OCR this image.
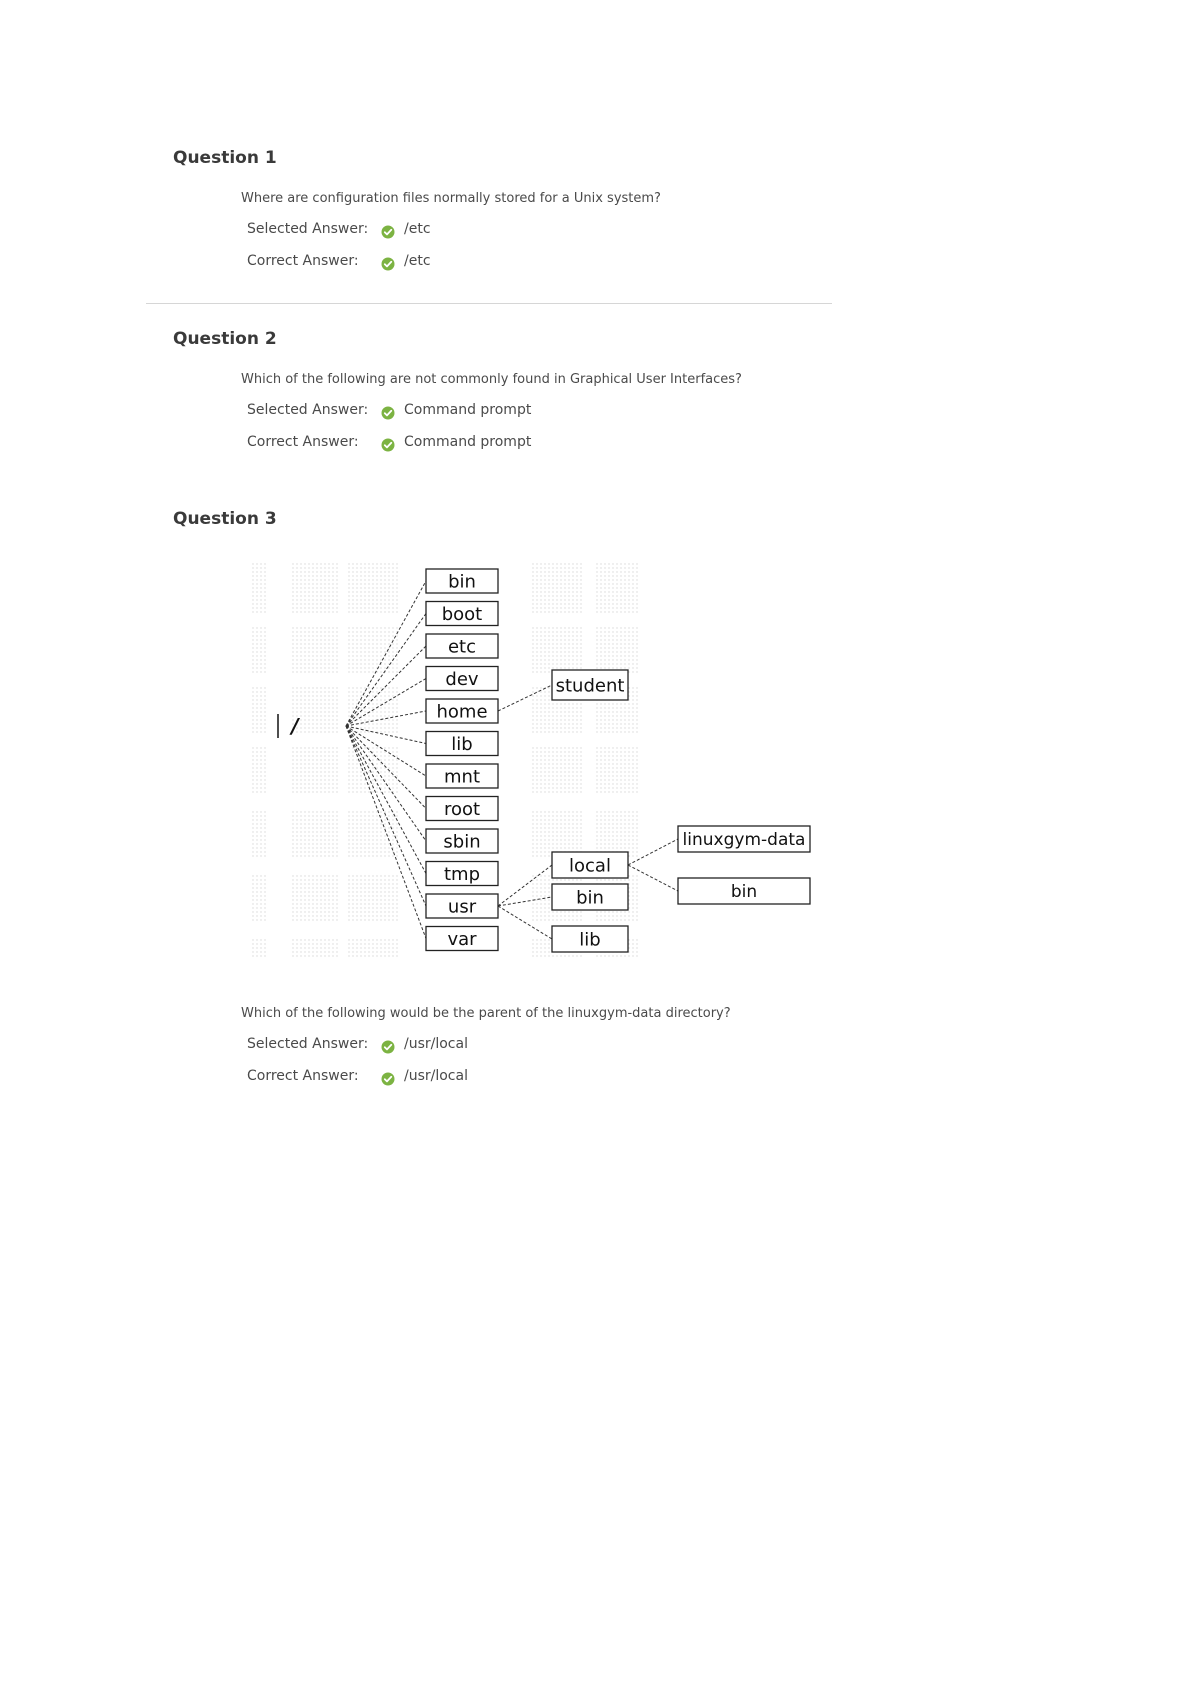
Question 1
Where are configuration files normally stored for a Unix system?
Selected Answer:	/etc
Correct Answer:	/etc
Question 2
Which of the following are not commonly found in Graphical User Interfaces?
Selected Answer:	Command prompt
Correct Answer:	Command prompt
Question 3
/
bin
boot
etc
dev
home
lib
mnt
root
sbin
tmp
usr
var
student
local
bin
lib
linuxgym-data
bin
Which of the following would be the parent of the linuxgym-data directory?
Selected Answer:	/usr/local
Correct Answer:	/usr/local
